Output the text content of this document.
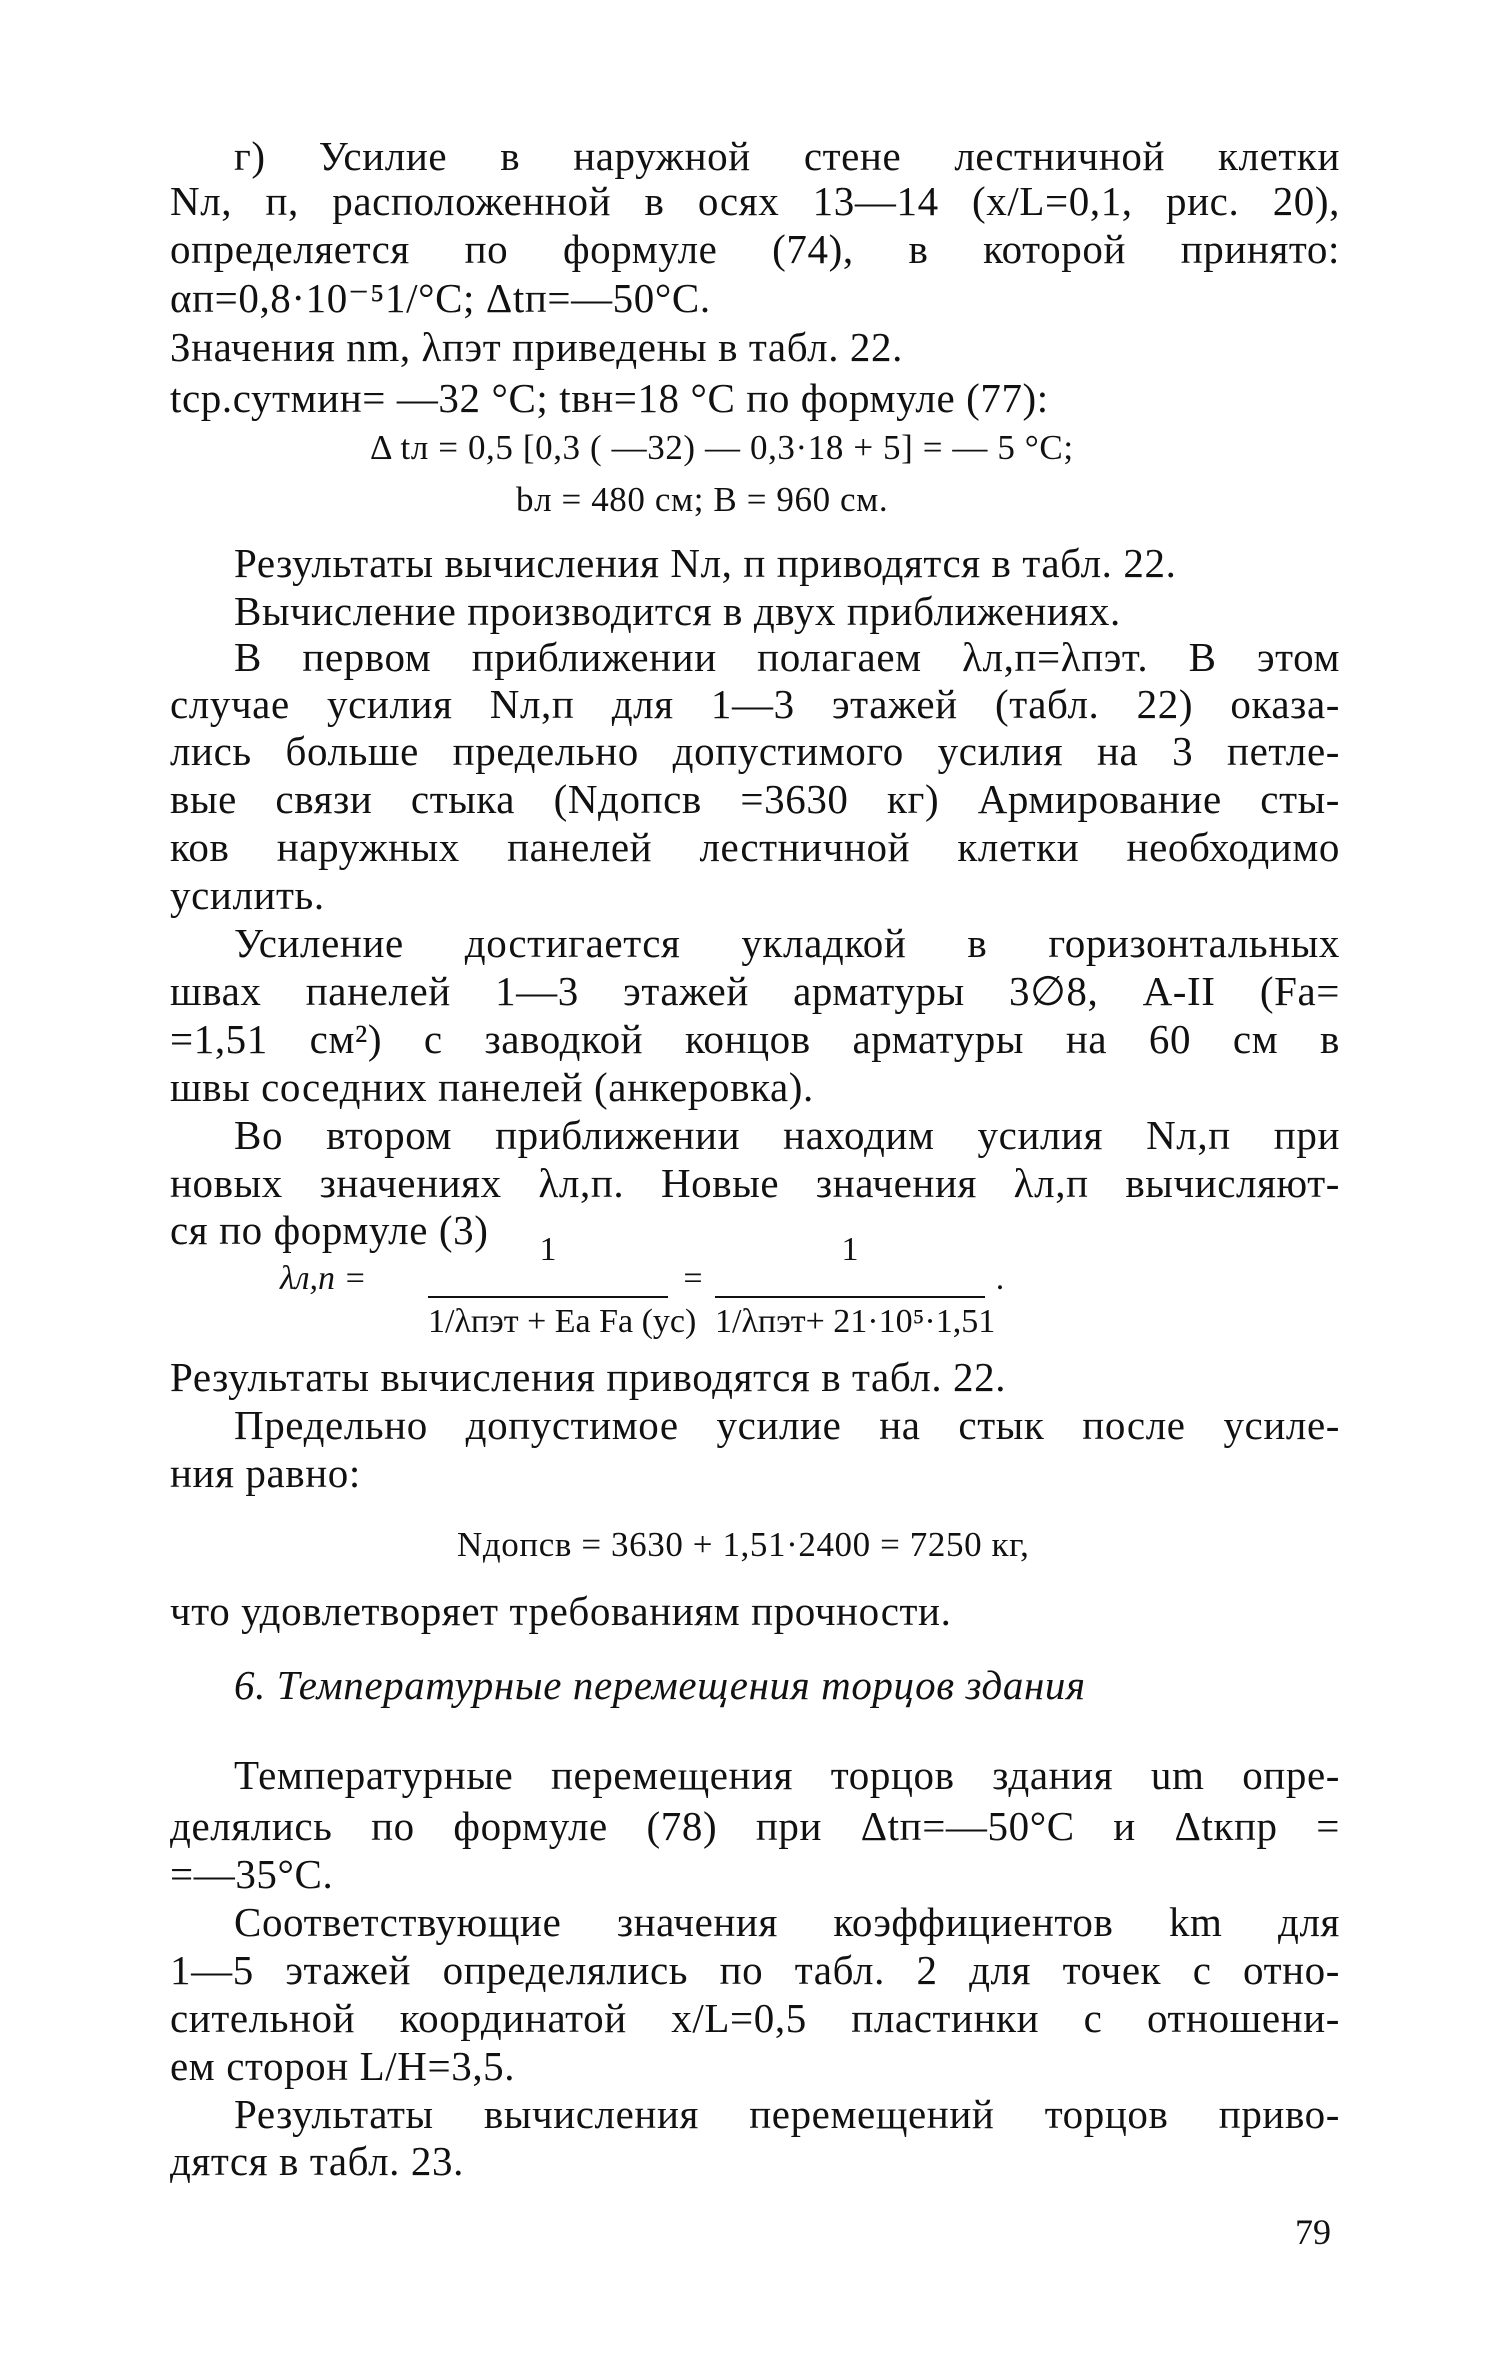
г) Усилие в наружной стене лестничной клетки
Nл, п, расположенной в осях 13—14 (x/L=0,1, рис. 20),
определяется по формуле (74), в которой принято:
αп=0,8·10⁻⁵1/°С; Δtп=—50°С.
Значения nm, λпэт приведены в табл. 22.
tср.сутмин= —32 °С; tвн=18 °С по формуле (77):
Δ tл = 0,5 [0,3 ( —32) — 0,3·18 + 5] = — 5 °С;
bл = 480 см; B = 960 см.
Результаты вычисления Nл, п приводятся в табл. 22.
Вычисление производится в двух приближениях.
В первом приближении полагаем λл,п=λпэт. В этом
случае усилия Nл,п для 1—3 этажей (табл. 22) оказа-
лись больше предельно допустимого усилия на 3 петле-
вые связи стыка (Nдопсв =3630 кг) Армирование сты-
ков наружных панелей лестничной клетки необходимо
усилить.
Усиление достигается укладкой в горизонтальных
швах панелей 1—3 этажей арматуры 3∅8, А-II (Fа=
=1,51 см²) с заводкой концов арматуры на 60 см в
швы соседних панелей (анкеровка).
Во втором приближении находим усилия Nл,п при
новых значениях λл,п. Новые значения λл,п вычисляют-
ся по формуле (3)
λл,п =
1
1/λпэт + Eа Fа (ус)
=
1
1/λпэт+ 21·10⁵·1,51
.
Результаты вычисления приводятся в табл. 22.
Предельно допустимое усилие на стык после усиле-
ния равно:
Nдопсв = 3630 + 1,51·2400 = 7250 кг,
что удовлетворяет требованиям прочности.
6. Температурные перемещения торцов здания
Температурные перемещения торцов здания um опре-
делялись по формуле (78) при Δtп=—50°С и Δtкпр =
=—35°С.
Соответствующие значения коэффициентов km для
1—5 этажей определялись по табл. 2 для точек с отно-
сительной координатой x/L=0,5 пластинки с отношени-
ем сторон L/H=3,5.
Результаты вычисления перемещений торцов приво-
дятся в табл. 23.
79
